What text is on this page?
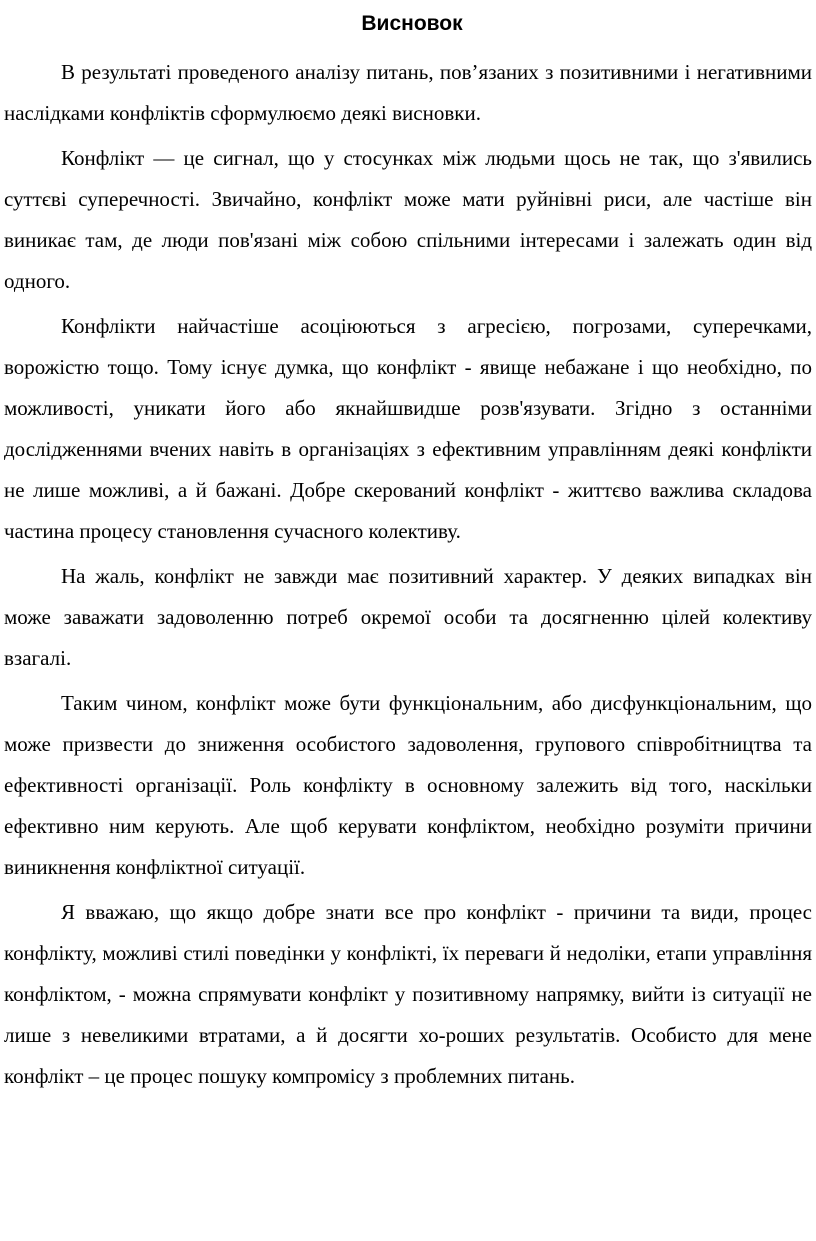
Висновок

В результаті проведеного аналізу питань, пов’язаних з позитивними і негативними наслідками конфліктів сформулюємо деякі висновки.

Конфлікт — це сигнал, що у стосунках між людьми щось не так, що з'явились суттєві суперечності. Звичайно, конфлікт може мати руйнівні риси, але частіше він виникає там, де люди пов'язані між собою спільними інтересами і залежать один від одного.

Конфлікти найчастіше асоціюються з агресією, погрозами, суперечками, ворожістю тощо. Тому існує думка, що конфлікт - явище небажане і що необхідно, по можливості, уникати його або якнайшвидше розв'язувати. Згідно з останніми дослідженнями вчених навіть в організаціях з ефективним управлінням деякі конфлікти не лише можливі, а й бажані. Добре скерований конфлікт - життєво важлива складова частина процесу становлення сучасного колективу.

На жаль, конфлікт не завжди має позитивний характер. У деяких випадках він може заважати задоволенню потреб окремої особи та досягненню цілей колективу взагалі.

Таким чином, конфлікт може бути функціональним, або дисфункціональним, що може призвести до зниження особистого задоволення, групового співробітництва та ефективності організації. Роль конфлікту в основному залежить від того, наскільки ефективно ним керують. Але щоб керувати конфліктом, необхідно розуміти причини виникнення конфліктної ситуації.

Я вважаю, що якщо добре знати все про конфлікт - причини та види, процес конфлікту, можливі стилі поведінки у конфлікті, їх переваги й недоліки, етапи управління конфліктом, - можна спрямувати конфлікт у позитивному напрямку, вийти із ситуації не лише з невеликими втратами, а й досягти хо-роших результатів. Особисто для мене конфлікт – це процес пошуку компромісу з проблемних питань.
